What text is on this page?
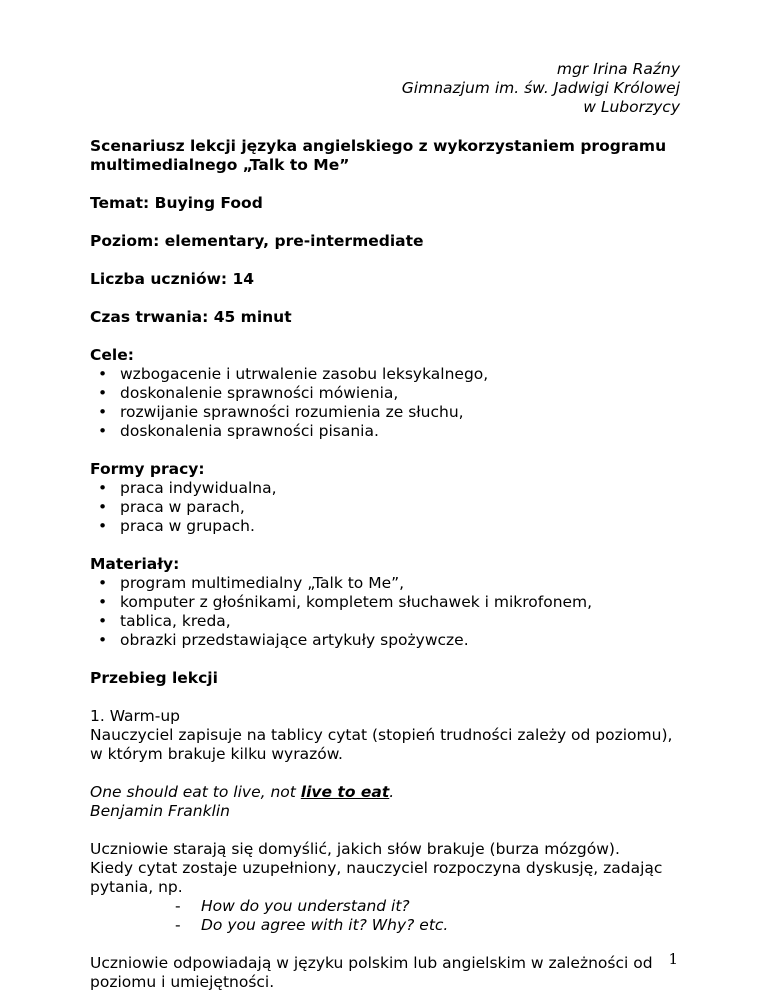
mgr Irina Raźny
Gimnazjum im. św. Jadwigi Królowej
w Luborzycy
Scenariusz lekcji języka angielskiego z wykorzystaniem programu
multimedialnego „Talk to Me”
Temat: Buying Food
Poziom: elementary, pre-intermediate
Liczba uczniów: 14
Czas trwania: 45 minut
Cele:
• wzbogacenie i utrwalenie zasobu leksykalnego,
• doskonalenie sprawności mówienia,
• rozwijanie sprawności rozumienia ze słuchu,
• doskonalenia sprawności pisania.
Formy pracy:
• praca indywidualna,
• praca w parach,
• praca w grupach.
Materiały:
• program multimedialny „Talk to Me”,
• komputer z głośnikami, kompletem słuchawek i mikrofonem,
• tablica, kreda,
• obrazki przedstawiające artykuły spożywcze.
Przebieg lekcji
1. Warm-up
Nauczyciel zapisuje na tablicy cytat (stopień trudności zależy od poziomu),
w którym brakuje kilku wyrazów.
One should eat to live, not live to eat.
Benjamin Franklin
Uczniowie starają się domyślić, jakich słów brakuje (burza mózgów).
Kiedy cytat zostaje uzupełniony, nauczyciel rozpoczyna dyskusję, zadając
pytania, np.
- How do you understand it?
- Do you agree with it? Why? etc.
Uczniowie odpowiadają w języku polskim lub angielskim w zależności od
poziomu i umiejętności.
1
